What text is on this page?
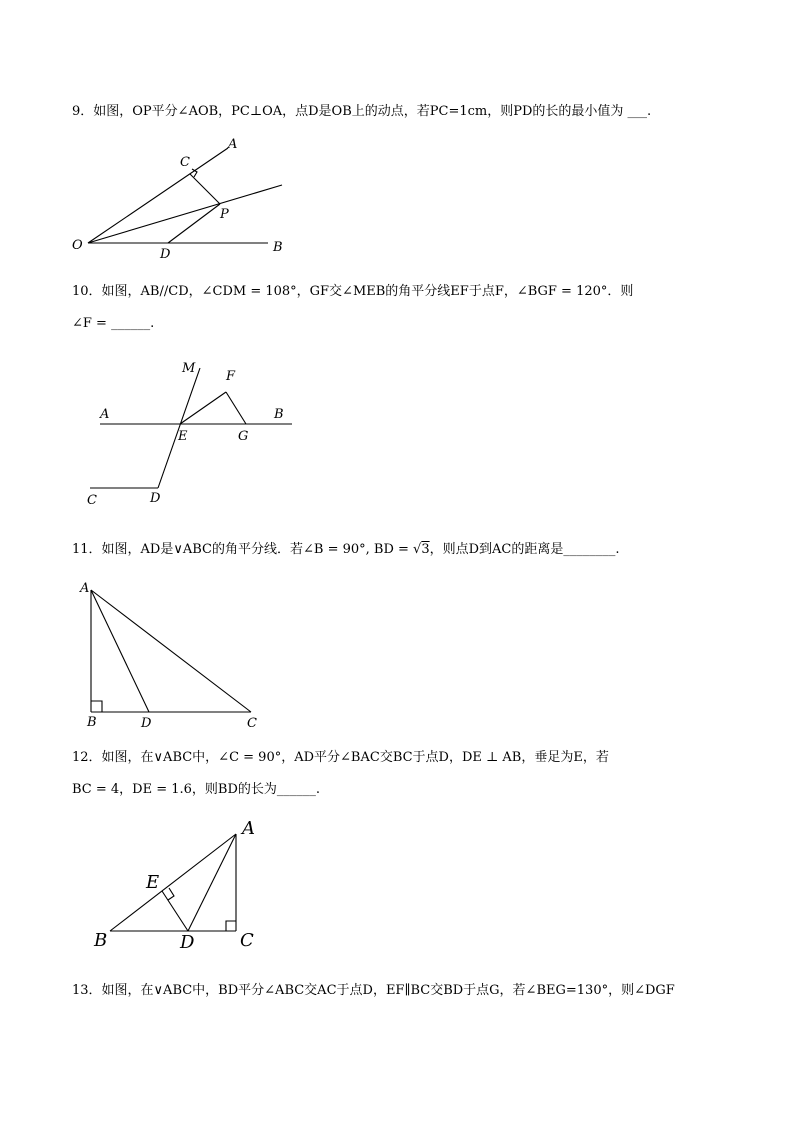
9．如图，OP平分∠AOB，PC⊥OA，点D是OB上的动点，若PC=1cm，则PD的长的最小值为 ___.
A
C
P
O
D	B
10．如图，AB//CD，∠CDM = 108°，GF交∠MEB的角平分线EF于点F，∠BGF = 120°．则
∠F = ______.
M
F
A	B
E	G
C	D
11．如图，AD是∨ABC的角平分线．若∠B = 90°, BD = √3，则点D到AC的距离是________.
A
B	D	C
12．如图，在∨ABC中，∠C = 90°，AD平分∠BAC交BC于点D，DE ⊥ AB，垂足为E，若
BC = 4，DE = 1.6，则BD的长为______.
A
E
B	D	C
13．如图，在∨ABC中，BD平分∠ABC交AC于点D，EF∥BC交BD于点G，若∠BEG=130°，则∠DGF
